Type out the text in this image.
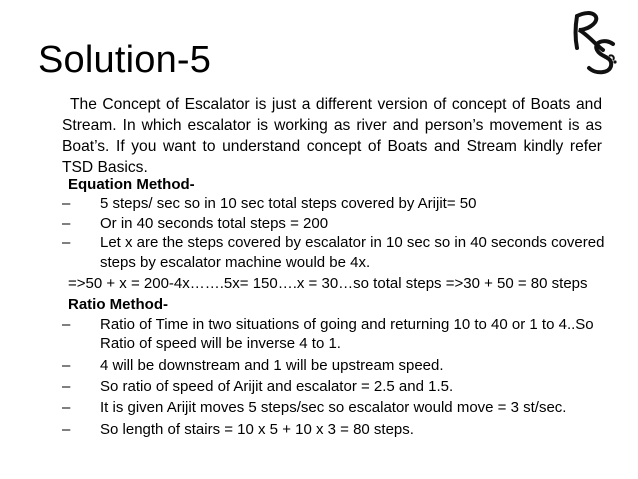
Solution-5
The Concept of Escalator is just a different version of concept of Boats and Stream. In which escalator is working as river and person’s movement is as Boat’s. If you want to understand concept of Boats and Stream kindly refer TSD Basics.
Equation Method-
– 5 steps/ sec so in 10 sec total steps covered by Arijit= 50
– Or in 40 seconds total steps = 200
– Let x are the steps covered by escalator in 10 sec so in 40 seconds covered steps by escalator machine would be 4x.
=>50 + x = 200-4x…….5x= 150….x = 30…so total steps =>30 + 50 = 80 steps
Ratio Method-
– Ratio of Time in two situations of going and returning 10 to 40 or 1 to 4..So Ratio of speed will be inverse 4 to 1.
– 4 will be downstream and 1 will be upstream speed.
– So ratio of speed of Arijit and escalator = 2.5 and 1.5.
– It is given Arijit moves 5 steps/sec so escalator would move = 3 st/sec.
– So length of stairs = 10 x 5 + 10 x 3 = 80 steps.
